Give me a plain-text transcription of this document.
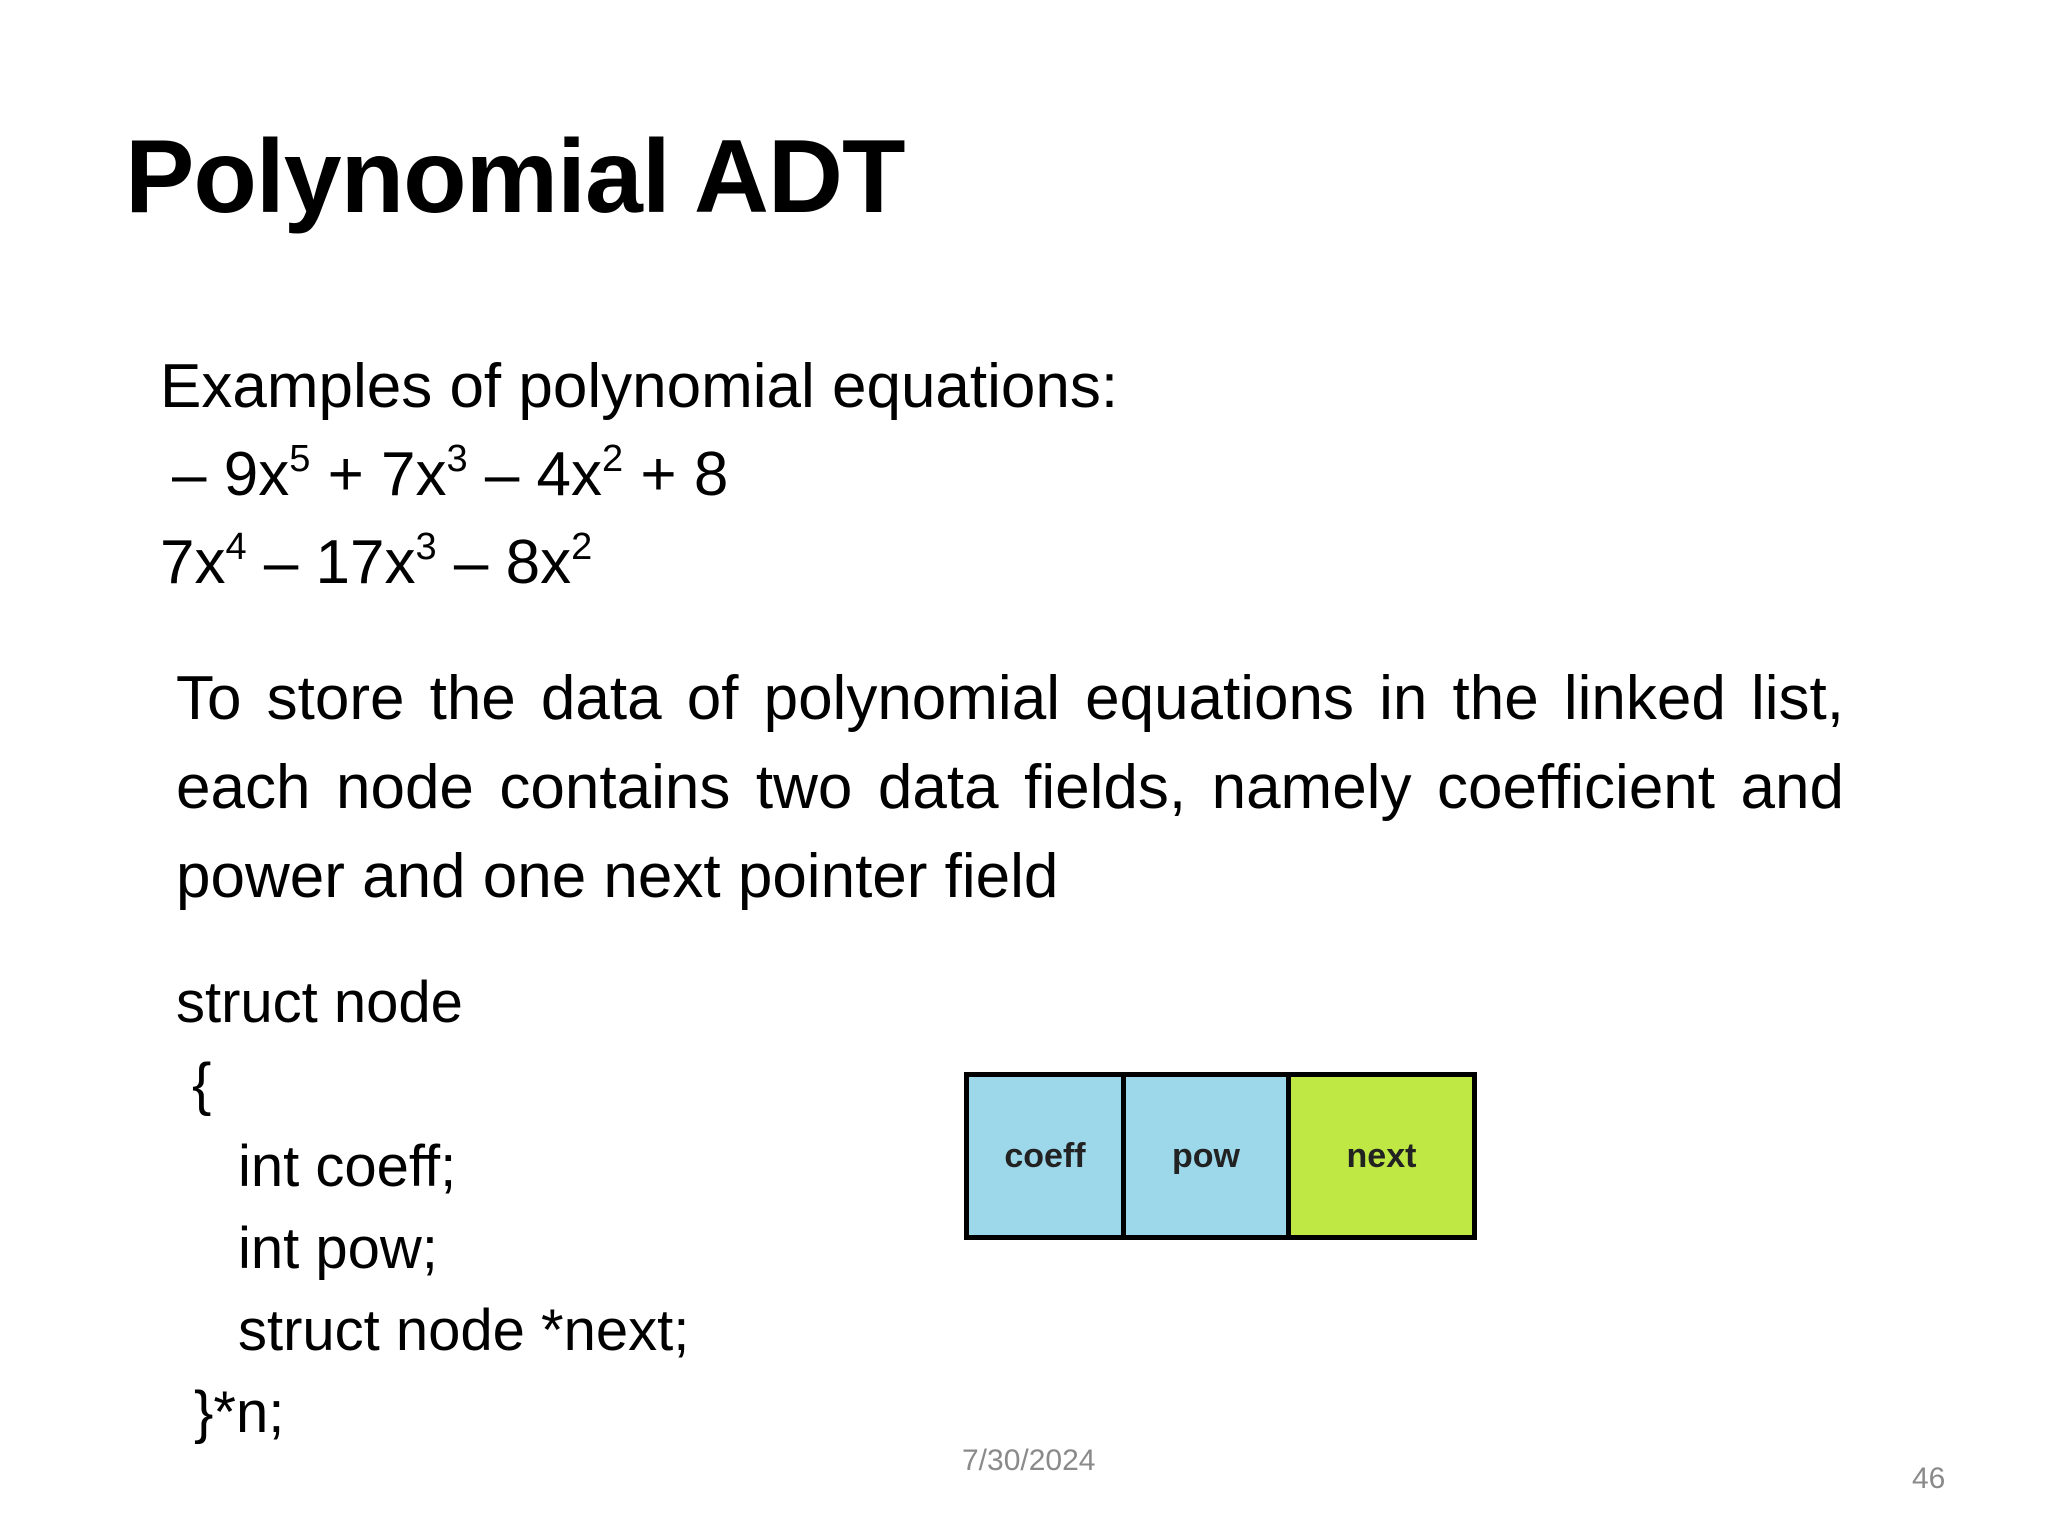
Polynomial ADT
Examples of polynomial equations:
– $9x^5 + 7x^3 - 4x^2 + 8$
$7x^4 - 17x^3 - 8x^2$
To store the data of polynomial equations in the linked list, each node contains two data fields, namely coefficient and power and one next pointer field
struct node
{
int coeff;
int pow;
struct node *next;
}*n;
coeff	pow	next
7/30/2024
46
